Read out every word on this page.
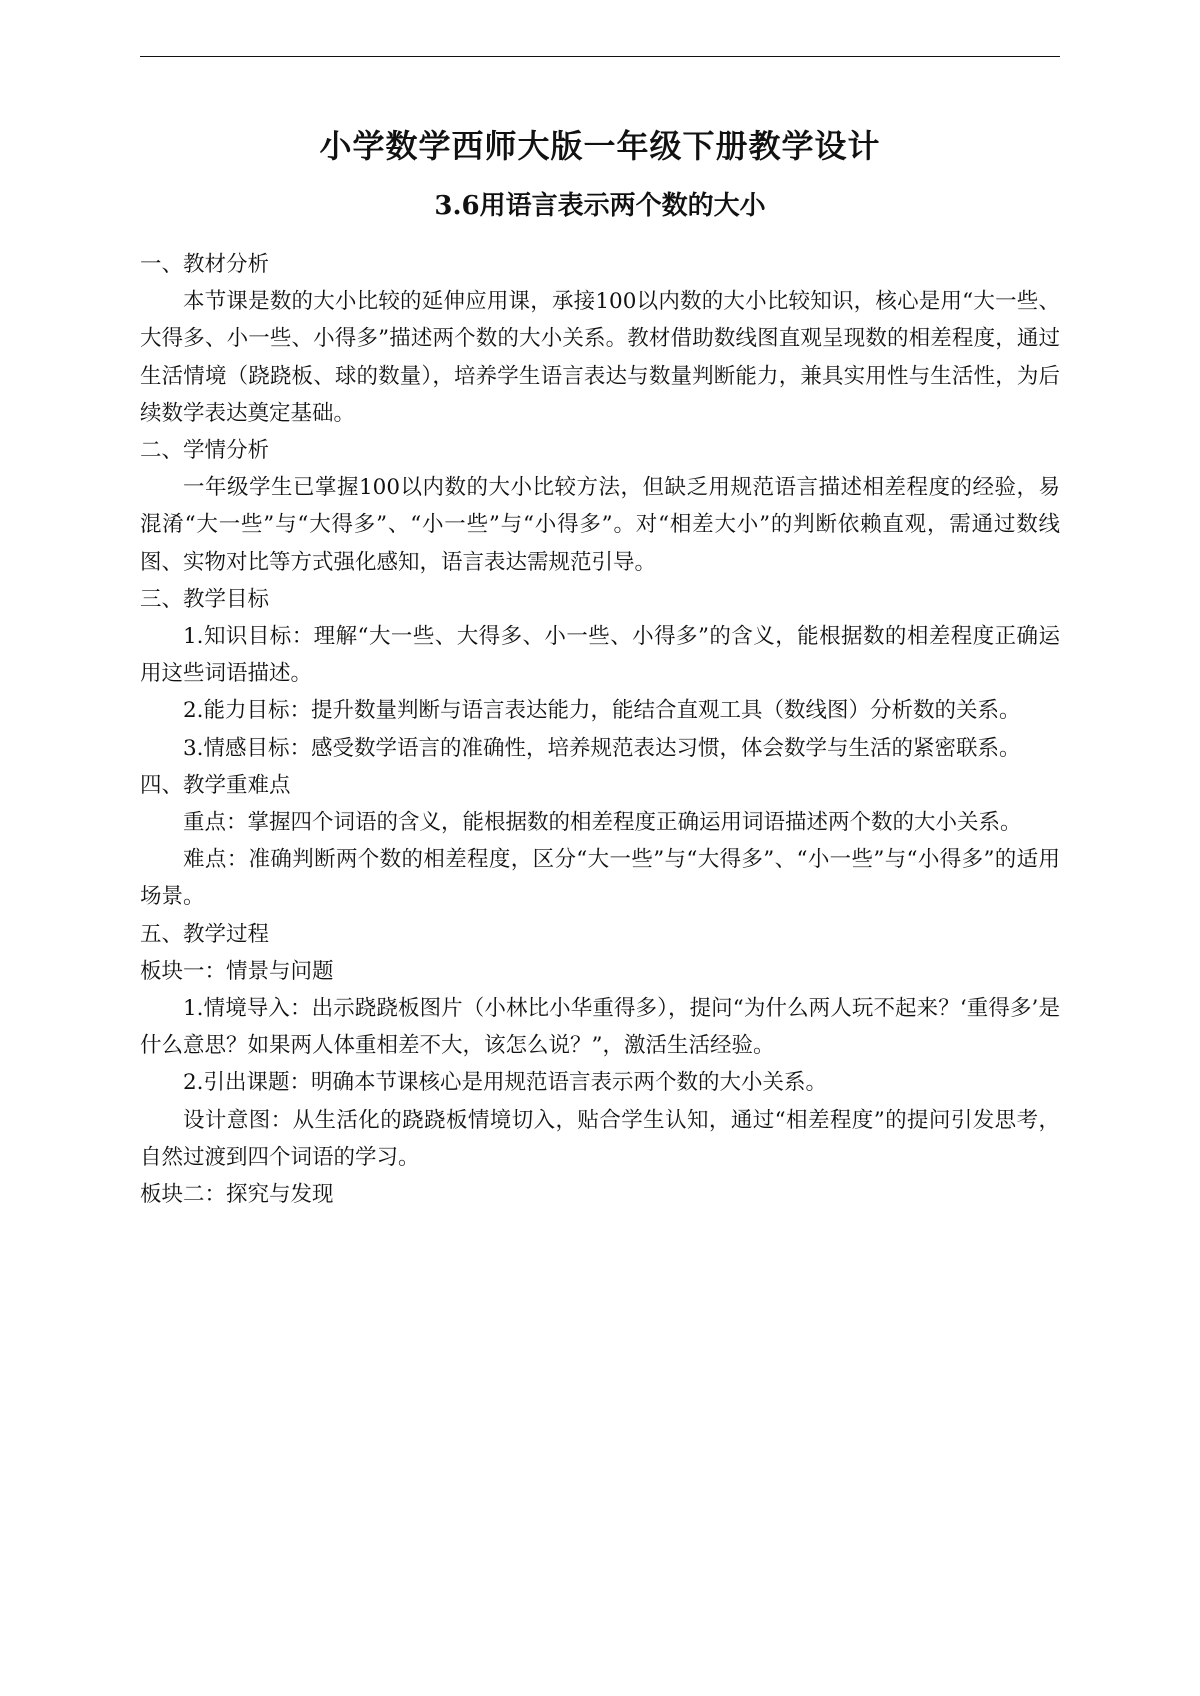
小学数学西师大版一年级下册教学设计
3.6用语言表示两个数的大小

一、教材分析

本节课是数的大小比较的延伸应用课，承接100以内数的大小比较知识，核心是用“大一些、大得多、小一些、小得多”描述两个数的大小关系。教材借助数线图直观呈现数的相差程度，通过生活情境（跷跷板、球的数量），培养学生语言表达与数量判断能力，兼具实用性与生活性，为后续数学表达奠定基础。

二、学情分析

一年级学生已掌握100以内数的大小比较方法，但缺乏用规范语言描述相差程度的经验，易混淆“大一些”与“大得多”、“小一些”与“小得多”。对“相差大小”的判断依赖直观，需通过数线图、实物对比等方式强化感知，语言表达需规范引导。

三、教学目标

1.知识目标：理解“大一些、大得多、小一些、小得多”的含义，能根据数的相差程度正确运用这些词语描述。

2.能力目标：提升数量判断与语言表达能力，能结合直观工具（数线图）分析数的关系。

3.情感目标：感受数学语言的准确性，培养规范表达习惯，体会数学与生活的紧密联系。

四、教学重难点

重点：掌握四个词语的含义，能根据数的相差程度正确运用词语描述两个数的大小关系。

难点：准确判断两个数的相差程度，区分“大一些”与“大得多”、“小一些”与“小得多”的适用场景。

五、教学过程

板块一：情景与问题

1.情境导入：出示跷跷板图片（小林比小华重得多），提问“为什么两人玩不起来？‘重得多’是什么意思？如果两人体重相差不大，该怎么说？”，激活生活经验。

2.引出课题：明确本节课核心是用规范语言表示两个数的大小关系。

设计意图：从生活化的跷跷板情境切入，贴合学生认知，通过“相差程度”的提问引发思考，自然过渡到四个词语的学习。

板块二：探究与发现
